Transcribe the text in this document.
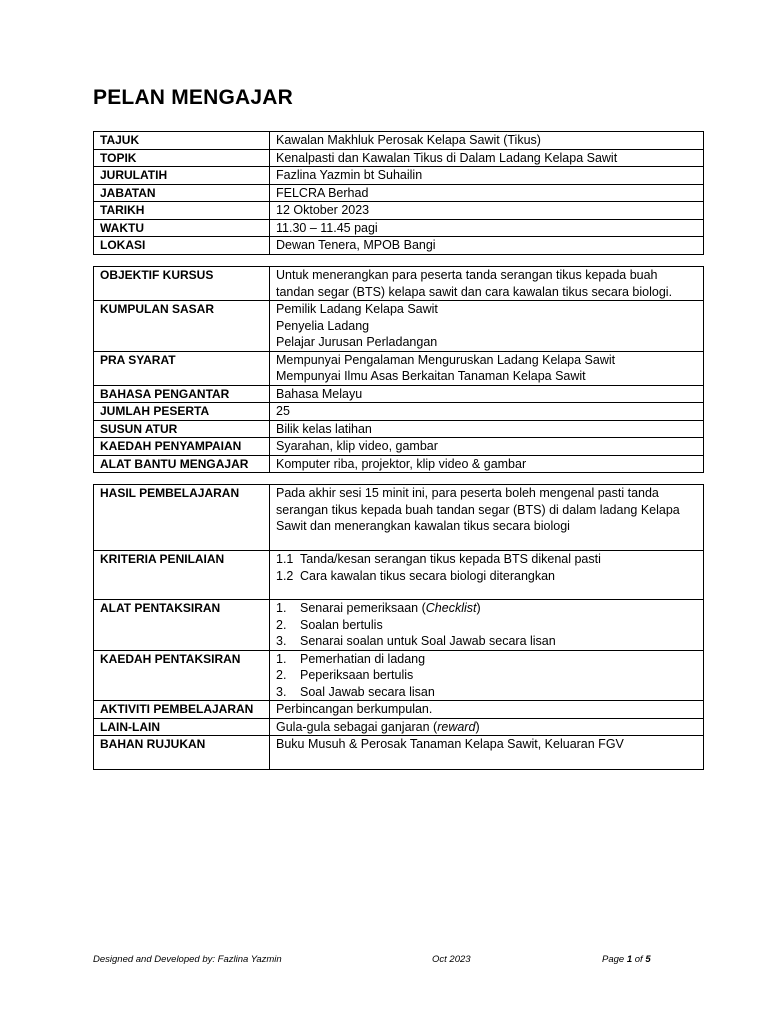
PELAN MENGAJAR
TAJUK	Kawalan Makhluk Perosak Kelapa Sawit (Tikus)

TOPIK	Kenalpasti dan Kawalan Tikus di Dalam Ladang Kelapa Sawit

JURULATIH	Fazlina Yazmin bt Suhailin

JABATAN	FELCRA Berhad

TARIKH	12 Oktober 2023

WAKTU	11.30 – 11.45 pagi

LOKASI	Dewan Tenera, MPOB Bangi
OBJEKTIF KURSUS	Untuk menerangkan para peserta tanda serangan tikus kepada buah
tandan segar (BTS) kelapa sawit dan cara kawalan tikus secara biologi.

KUMPULAN SASAR	Pemilik Ladang Kelapa Sawit
Penyelia Ladang
Pelajar Jurusan Perladangan

PRA SYARAT	Mempunyai Pengalaman Menguruskan Ladang Kelapa Sawit
Mempunyai Ilmu Asas Berkaitan Tanaman Kelapa Sawit

BAHASA PENGANTAR	Bahasa Melayu

JUMLAH PESERTA	25

SUSUN ATUR	Bilik kelas latihan

KAEDAH PENYAMPAIAN	Syarahan, klip video, gambar

ALAT BANTU MENGAJAR	Komputer riba, projektor, klip video & gambar
HASIL PEMBELAJARAN	Pada akhir sesi 15 minit ini, para peserta boleh mengenal pasti tanda
serangan tikus kepada buah tandan segar (BTS) di dalam ladang Kelapa
Sawit dan menerangkan kawalan tikus secara biologi

KRITERIA PENILAIAN	1.1 Tanda/kesan serangan tikus kepada BTS dikenal pasti
1.2 Cara kawalan tikus secara biologi diterangkan

ALAT PENTAKSIRAN	1. Senarai pemeriksaan (Checklist)
2. Soalan bertulis
3. Senarai soalan untuk Soal Jawab secara lisan

KAEDAH PENTAKSIRAN	1. Pemerhatian di ladang
2. Peperiksaan bertulis
3. Soal Jawab secara lisan

AKTIVITI PEMBELAJARAN	Perbincangan berkumpulan.
LAIN-LAIN	Gula-gula sebagai ganjaran (reward)
BAHAN RUJUKAN	Buku Musuh & Perosak Tanaman Kelapa Sawit, Keluaran FGV
Designed and Developed by: Fazlina Yazmin	Oct 2023	Page 1 of 5
